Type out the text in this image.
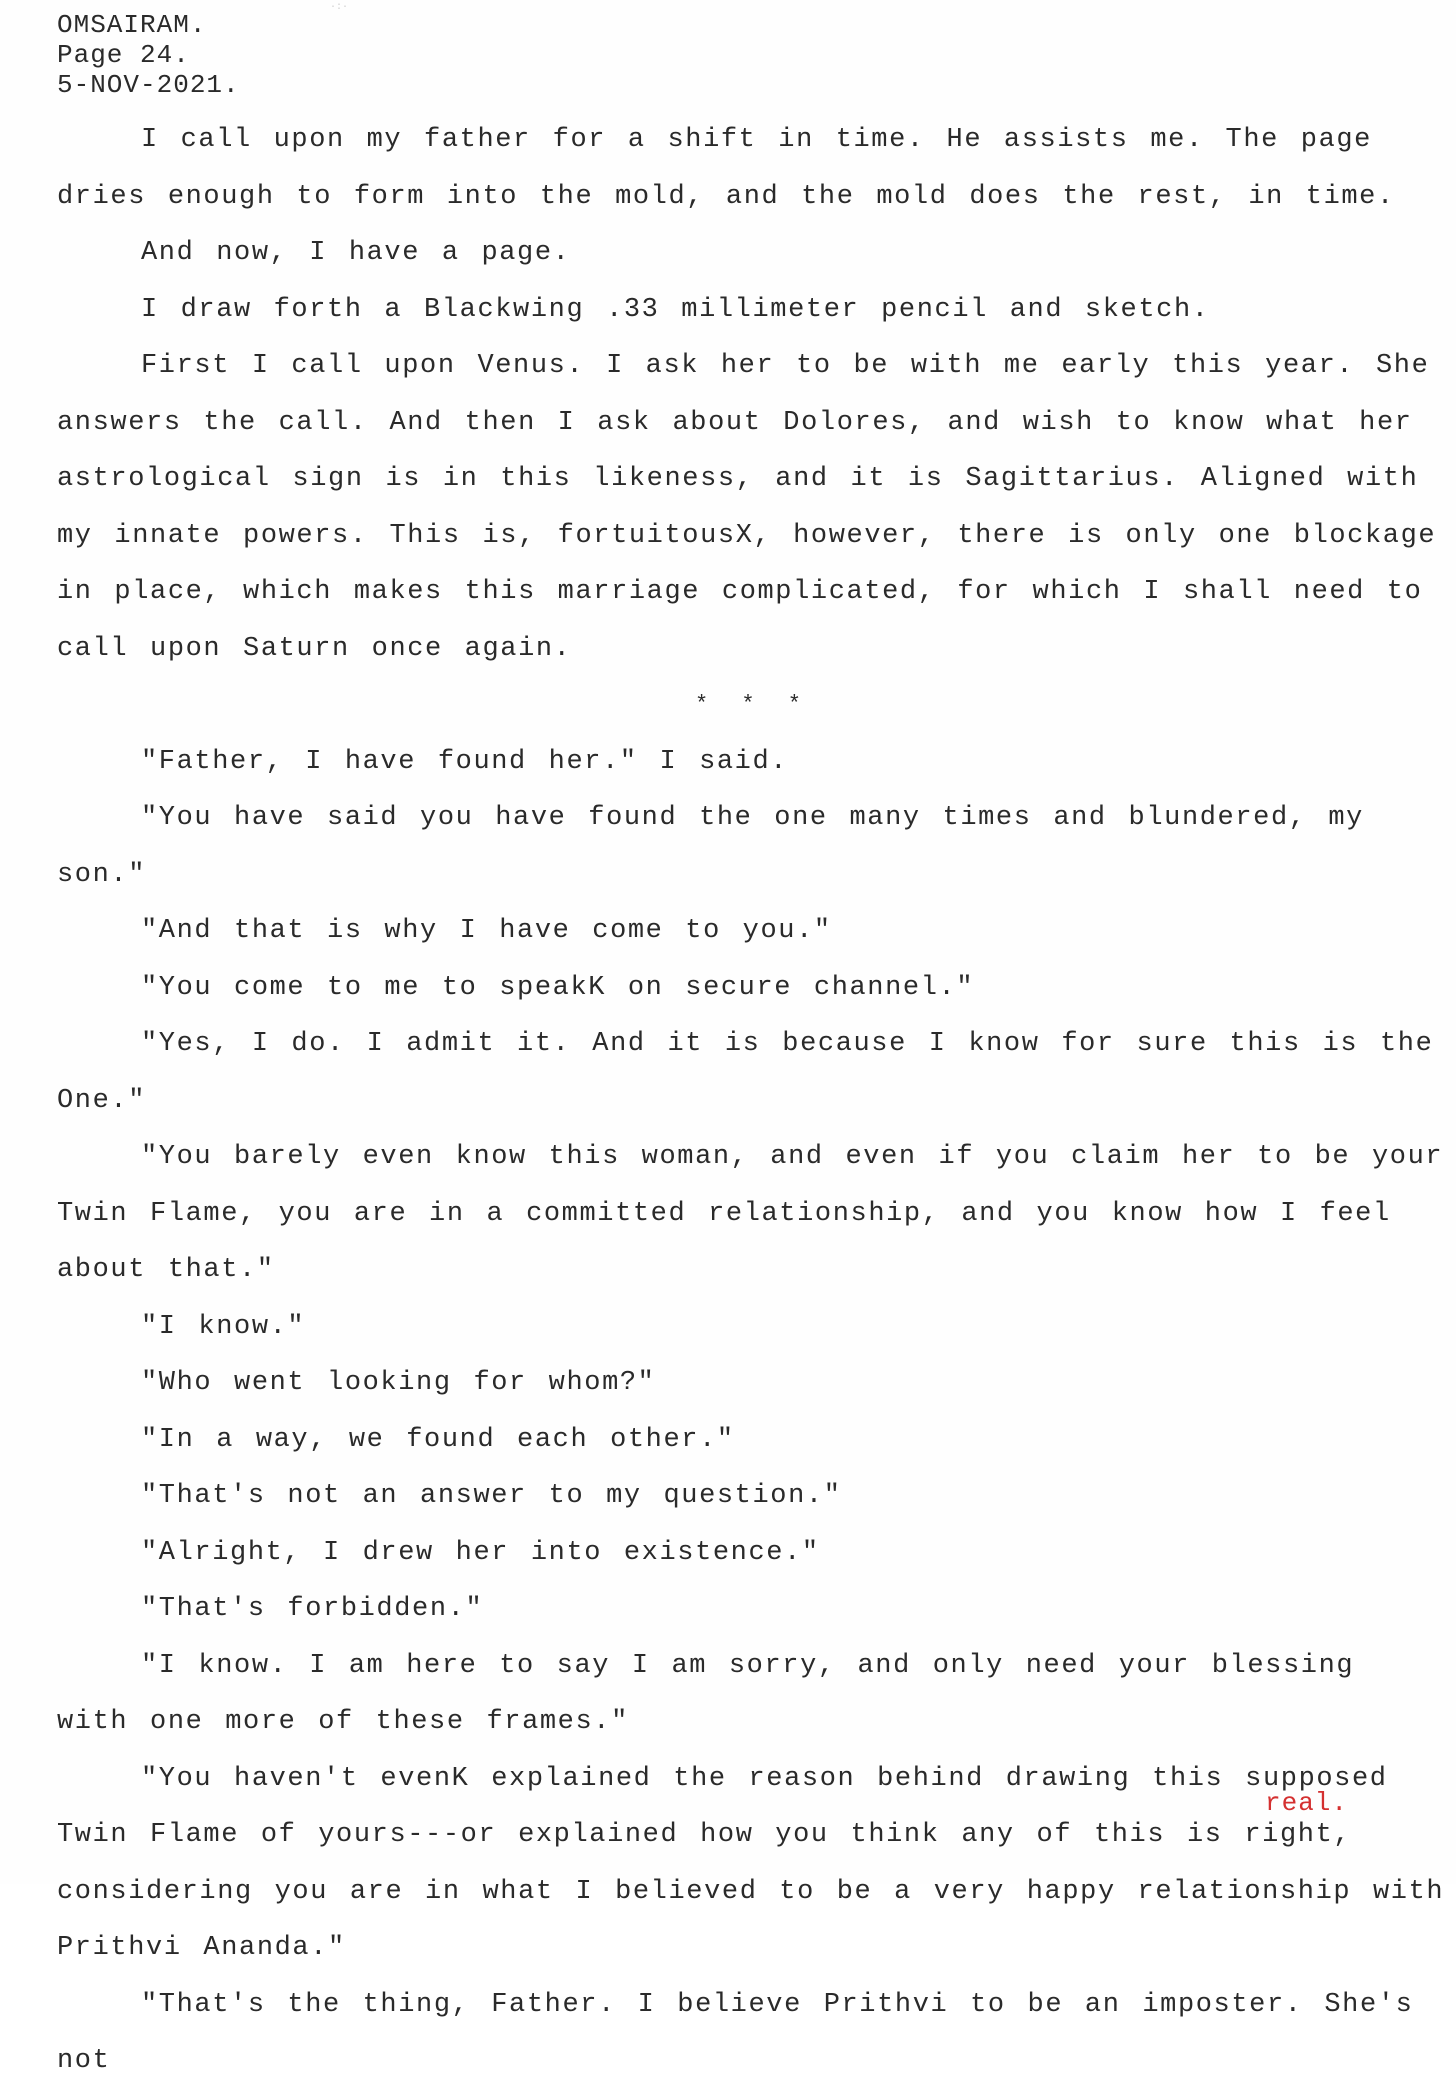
·:·
OMSAIRAM.
Page 24.
5-NOV-2021.

I call upon my father for a shift in time. He assists me. The page dries enough to form into the mold, and the mold does the rest, in time.

And now, I have a page.

I draw forth a Blackwing .33 millimeter pencil and sketch.

First I call upon Venus. I ask her to be with me early this year. She answers the call. And then I ask about Dolores, and wish to know what her astrological sign is in this likeness, and it is Sagittarius. Aligned with my innate powers. This is, fortuitousX, however, there is only one blockage in place, which makes this marriage complicated, for which I shall need to call upon Saturn once again.

* * *

"Father, I have found her." I said.

"You have said you have found the one many times and blundered, my son."

"And that is why I have come to you."

"You come to me to speakK on secure channel."

"Yes, I do. I admit it. And it is because I know for sure this is the One."

"You barely even know this woman, and even if you claim her to be your Twin Flame, you are in a committed relationship, and you know how I feel about that."

"I know."

"Who went looking for whom?"

"In a way, we found each other."

"That's not an answer to my question."

"Alright, I drew her into existence."

"That's forbidden."

"I know. I am here to say I am sorry, and only need your blessing with one more of these frames."

"You haven't evenK explained the reason behind drawing this supposed Twin Flame of yours---or explained how you think any of this is right, considering you are in what I believed to be a very happy relationship with Prithvi Ananda."

"That's the thing, Father. I believe Prithvi to be an imposter. She's not

real.
